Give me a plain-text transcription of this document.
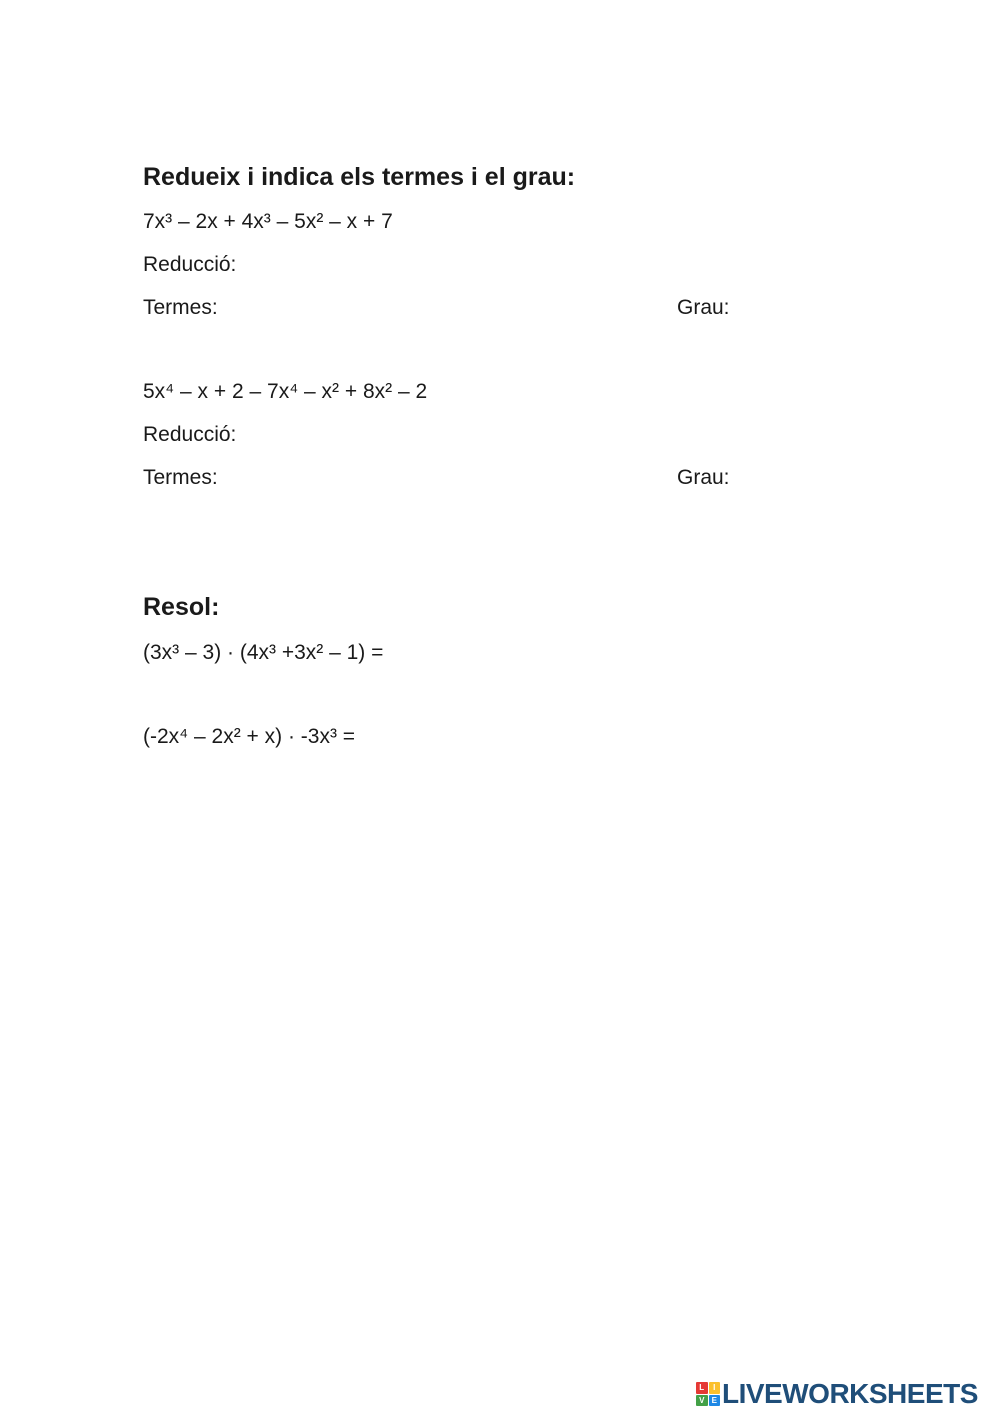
Redueix i indica els termes i el grau:
7x³ – 2x + 4x³ – 5x² – x + 7
Reducció:
Termes:	Grau:
5x⁴ – x + 2 – 7x⁴ – x² + 8x² – 2
Reducció:
Termes:	Grau:
Resol:
(3x³ – 3) · (4x³ +3x² – 1) =
(-2x⁴ – 2x² + x) · -3x³ =
L	I
V E LIVEWORKSHEETS
